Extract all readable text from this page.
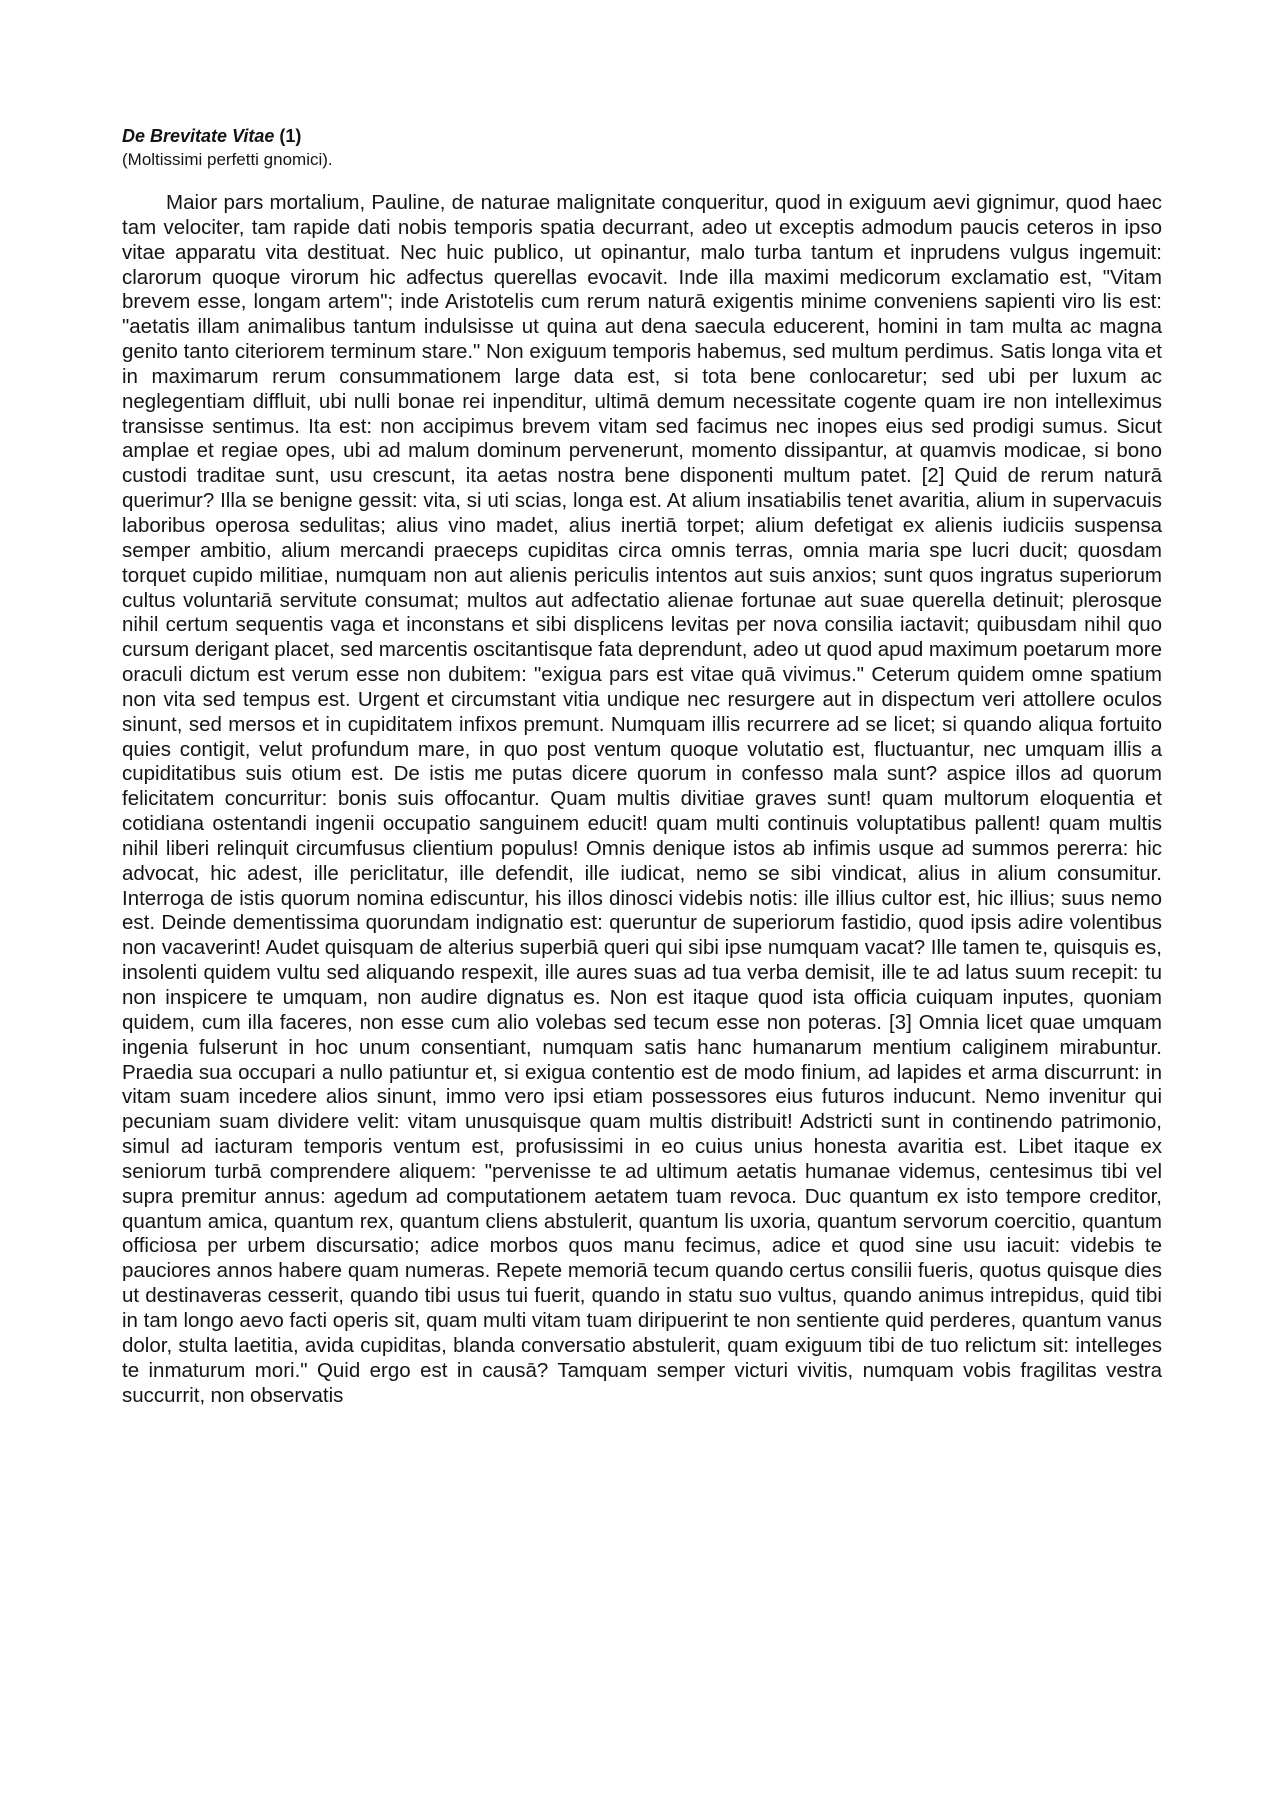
De Brevitate Vitae (1)

(Moltissimi perfetti gnomici).

Maior pars mortalium, Pauline, de naturae malignitate conqueritur, quod in exiguum aevi gignimur, quod haec tam velociter, tam rapide dati nobis temporis spatia decurrant, adeo ut exceptis admodum paucis ceteros in ipso vitae apparatu vita destituat. Nec huic publico, ut opinantur, malo turba tantum et inprudens vulgus ingemuit: clarorum quoque virorum hic adfectus querellas evocavit. Inde illa maximi medicorum exclamatio est, "Vitam brevem esse, longam artem"; inde Aristotelis cum rerum naturā exigentis minime conveniens sapienti viro lis est: "aetatis illam animalibus tantum indulsisse ut quina aut dena saecula educerent, homini in tam multa ac magna genito tanto citeriorem terminum stare." Non exiguum temporis habemus, sed multum perdimus. Satis longa vita et in maximarum rerum consummationem large data est, si tota bene conlocaretur; sed ubi per luxum ac neglegentiam diffluit, ubi nulli bonae rei inpenditur, ultimā demum necessitate cogente quam ire non intelleximus transisse sentimus. Ita est: non accipimus brevem vitam sed facimus nec inopes eius sed prodigi sumus. Sicut amplae et regiae opes, ubi ad malum dominum pervenerunt, momento dissipantur, at quamvis modicae, si bono custodi traditae sunt, usu crescunt, ita aetas nostra bene disponenti multum patet. [2] Quid de rerum naturā querimur? Illa se benigne gessit: vita, si uti scias, longa est. At alium insatiabilis tenet avaritia, alium in supervacuis laboribus operosa sedulitas; alius vino madet, alius inertiā torpet; alium defetigat ex alienis iudiciis suspensa semper ambitio, alium mercandi praeceps cupiditas circa omnis terras, omnia maria spe lucri ducit; quosdam torquet cupido militiae, numquam non aut alienis periculis intentos aut suis anxios; sunt quos ingratus superiorum cultus voluntariā servitute consumat; multos aut adfectatio alienae fortunae aut suae querella detinuit; plerosque nihil certum sequentis vaga et inconstans et sibi displicens levitas per nova consilia iactavit; quibusdam nihil quo cursum derigant placet, sed marcentis oscitantisque fata deprendunt, adeo ut quod apud maximum poetarum more oraculi dictum est verum esse non dubitem: "exigua pars est vitae quā vivimus." Ceterum quidem omne spatium non vita sed tempus est. Urgent et circumstant vitia undique nec resurgere aut in dispectum veri attollere oculos sinunt, sed mersos et in cupiditatem infixos premunt. Numquam illis recurrere ad se licet; si quando aliqua fortuito quies contigit, velut profundum mare, in quo post ventum quoque volutatio est, fluctuantur, nec umquam illis a cupiditatibus suis otium est. De istis me putas dicere quorum in confesso mala sunt? aspice illos ad quorum felicitatem concurritur: bonis suis offocantur. Quam multis divitiae graves sunt! quam multorum eloquentia et cotidiana ostentandi ingenii occupatio sanguinem educit! quam multi continuis voluptatibus pallent! quam multis nihil liberi relinquit circumfusus clientium populus! Omnis denique istos ab infimis usque ad summos pererra: hic advocat, hic adest, ille periclitatur, ille defendit, ille iudicat, nemo se sibi vindicat, alius in alium consumitur. Interroga de istis quorum nomina ediscuntur, his illos dinosci videbis notis: ille illius cultor est, hic illius; suus nemo est. Deinde dementissima quorundam indignatio est: queruntur de superiorum fastidio, quod ipsis adire volentibus non vacaverint! Audet quisquam de alterius superbiā queri qui sibi ipse numquam vacat? Ille tamen te, quisquis es, insolenti quidem vultu sed aliquando respexit, ille aures suas ad tua verba demisit, ille te ad latus suum recepit: tu non inspicere te umquam, non audire dignatus es. Non est itaque quod ista officia cuiquam inputes, quoniam quidem, cum illa faceres, non esse cum alio volebas sed tecum esse non poteras. [3] Omnia licet quae umquam ingenia fulserunt in hoc unum consentiant, numquam satis hanc humanarum mentium caliginem mirabuntur. Praedia sua occupari a nullo patiuntur et, si exigua contentio est de modo finium, ad lapides et arma discurrunt: in vitam suam incedere alios sinunt, immo vero ipsi etiam possessores eius futuros inducunt. Nemo invenitur qui pecuniam suam dividere velit: vitam unusquisque quam multis distribuit! Adstricti sunt in continendo patrimonio, simul ad iacturam temporis ventum est, profusissimi in eo cuius unius honesta avaritia est. Libet itaque ex seniorum turbā comprendere aliquem: "pervenisse te ad ultimum aetatis humanae videmus, centesimus tibi vel supra premitur annus: agedum ad computationem aetatem tuam revoca. Duc quantum ex isto tempore creditor, quantum amica, quantum rex, quantum cliens abstulerit, quantum lis uxoria, quantum servorum coercitio, quantum officiosa per urbem discursatio; adice morbos quos manu fecimus, adice et quod sine usu iacuit: videbis te pauciores annos habere quam numeras. Repete memoriā tecum quando certus consilii fueris, quotus quisque dies ut destinaveras cesserit, quando tibi usus tui fuerit, quando in statu suo vultus, quando animus intrepidus, quid tibi in tam longo aevo facti operis sit, quam multi vitam tuam diripuerint te non sentiente quid perderes, quantum vanus dolor, stulta laetitia, avida cupiditas, blanda conversatio abstulerit, quam exiguum tibi de tuo relictum sit: intelleges te inmaturum mori." Quid ergo est in causā? Tamquam semper victuri vivitis, numquam vobis fragilitas vestra succurrit, non observatis
